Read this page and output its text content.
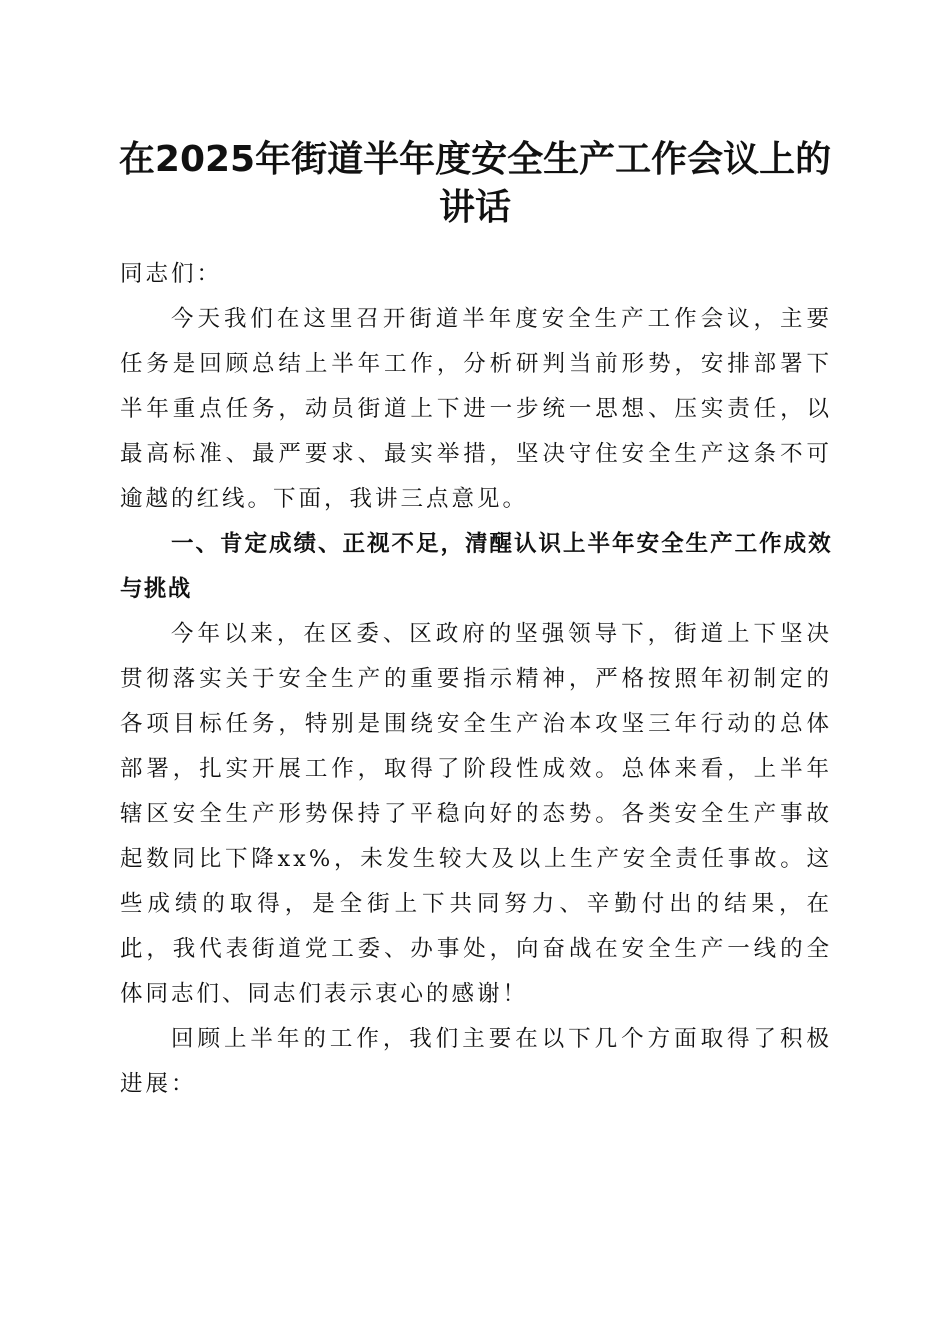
在2025年街道半年度安全生产工作会议上的
讲话

同志们：

今天我们在这里召开街道半年度安全生产工作会议，主要任务是回顾总结上半年工作，分析研判当前形势，安排部署下半年重点任务，动员街道上下进一步统一思想、压实责任，以最高标准、最严要求、最实举措，坚决守住安全生产这条不可逾越的红线。下面，我讲三点意见。

一、肯定成绩、正视不足，清醒认识上半年安全生产工作成效与挑战

今年以来，在区委、区政府的坚强领导下，街道上下坚决贯彻落实关于安全生产的重要指示精神，严格按照年初制定的各项目标任务，特别是围绕安全生产治本攻坚三年行动的总体部署，扎实开展工作，取得了阶段性成效。总体来看，上半年辖区安全生产形势保持了平稳向好的态势。各类安全生产事故起数同比下降xx%，未发生较大及以上生产安全责任事故。这些成绩的取得，是全街上下共同努力、辛勤付出的结果，在此，我代表街道党工委、办事处，向奋战在安全生产一线的全体同志们、同志们表示衷心的感谢！

回顾上半年的工作，我们主要在以下几个方面取得了积极进展：
